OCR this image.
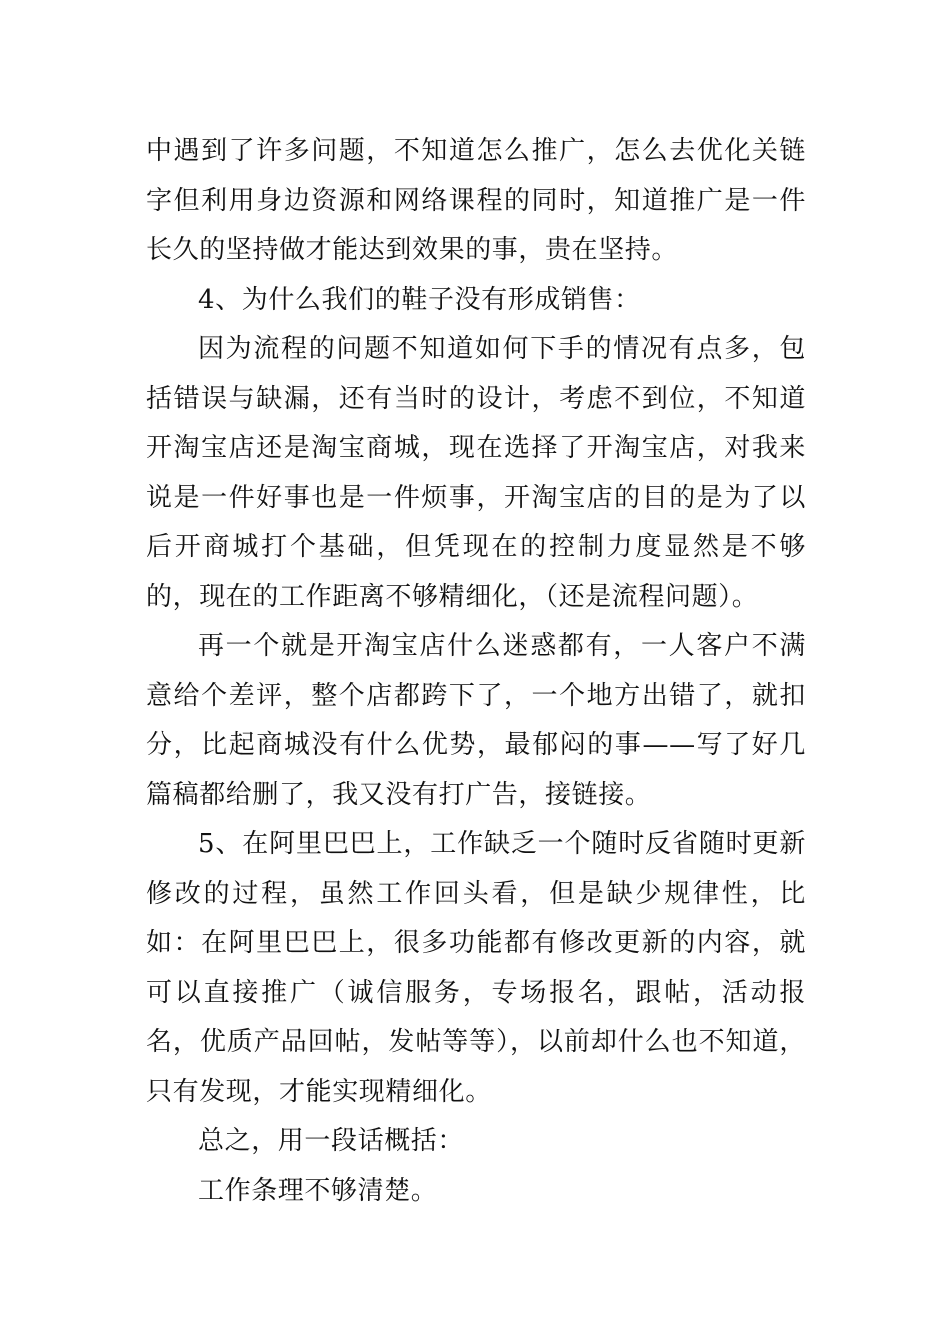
中遇到了许多问题，不知道怎么推广，怎么去优化关链字但利用身边资源和网络课程的同时，知道推广是一件长久的坚持做才能达到效果的事，贵在坚持。

4、为什么我们的鞋子没有形成销售：

因为流程的问题不知道如何下手的情况有点多，包括错误与缺漏，还有当时的设计，考虑不到位，不知道开淘宝店还是淘宝商城，现在选择了开淘宝店，对我来说是一件好事也是一件烦事，开淘宝店的目的是为了以后开商城打个基础，但凭现在的控制力度显然是不够的，现在的工作距离不够精细化，（还是流程问题）。

再一个就是开淘宝店什么迷惑都有，一人客户不满意给个差评，整个店都跨下了，一个地方出错了，就扣分，比起商城没有什么优势，最郁闷的事——写了好几篇稿都给删了，我又没有打广告，接链接。

5、在阿里巴巴上，工作缺乏一个随时反省随时更新修改的过程，虽然工作回头看，但是缺少规律性，比如：在阿里巴巴上，很多功能都有修改更新的内容，就可以直接推广（诚信服务，专场报名，跟帖，活动报名，优质产品回帖，发帖等等），以前却什么也不知道，只有发现，才能实现精细化。

总之，用一段话概括：

工作条理不够清楚。
